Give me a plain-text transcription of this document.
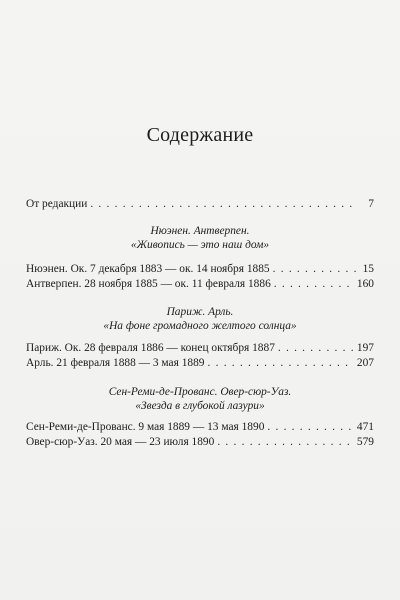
Содержание
От редакции . . .	7
Нюэнен. Антверпен.
«Живопись — это наш дом»
Нюэнен. Ок. 7 декабря 1883 — ок. 14 ноября 1885 . . .	15
Антверпен. 28 ноября 1885 — ок. 11 февраля 1886 . . .	160
Париж. Арль.
«На фоне громадного желтого солнца»
Париж. Ок. 28 февраля 1886 — конец октября 1887 . . .	197
Арль. 21 февраля 1888 — 3 мая 1889 . . .	207
Сен-Реми-де-Прованс. Овер-сюр-Уаз.
«Звезда в глубокой лазури»
Сен-Реми-де-Прованс. 9 мая 1889 — 13 мая 1890 . . .	471
Овер-сюр-Уаз. 20 мая — 23 июля 1890 . . .	579
